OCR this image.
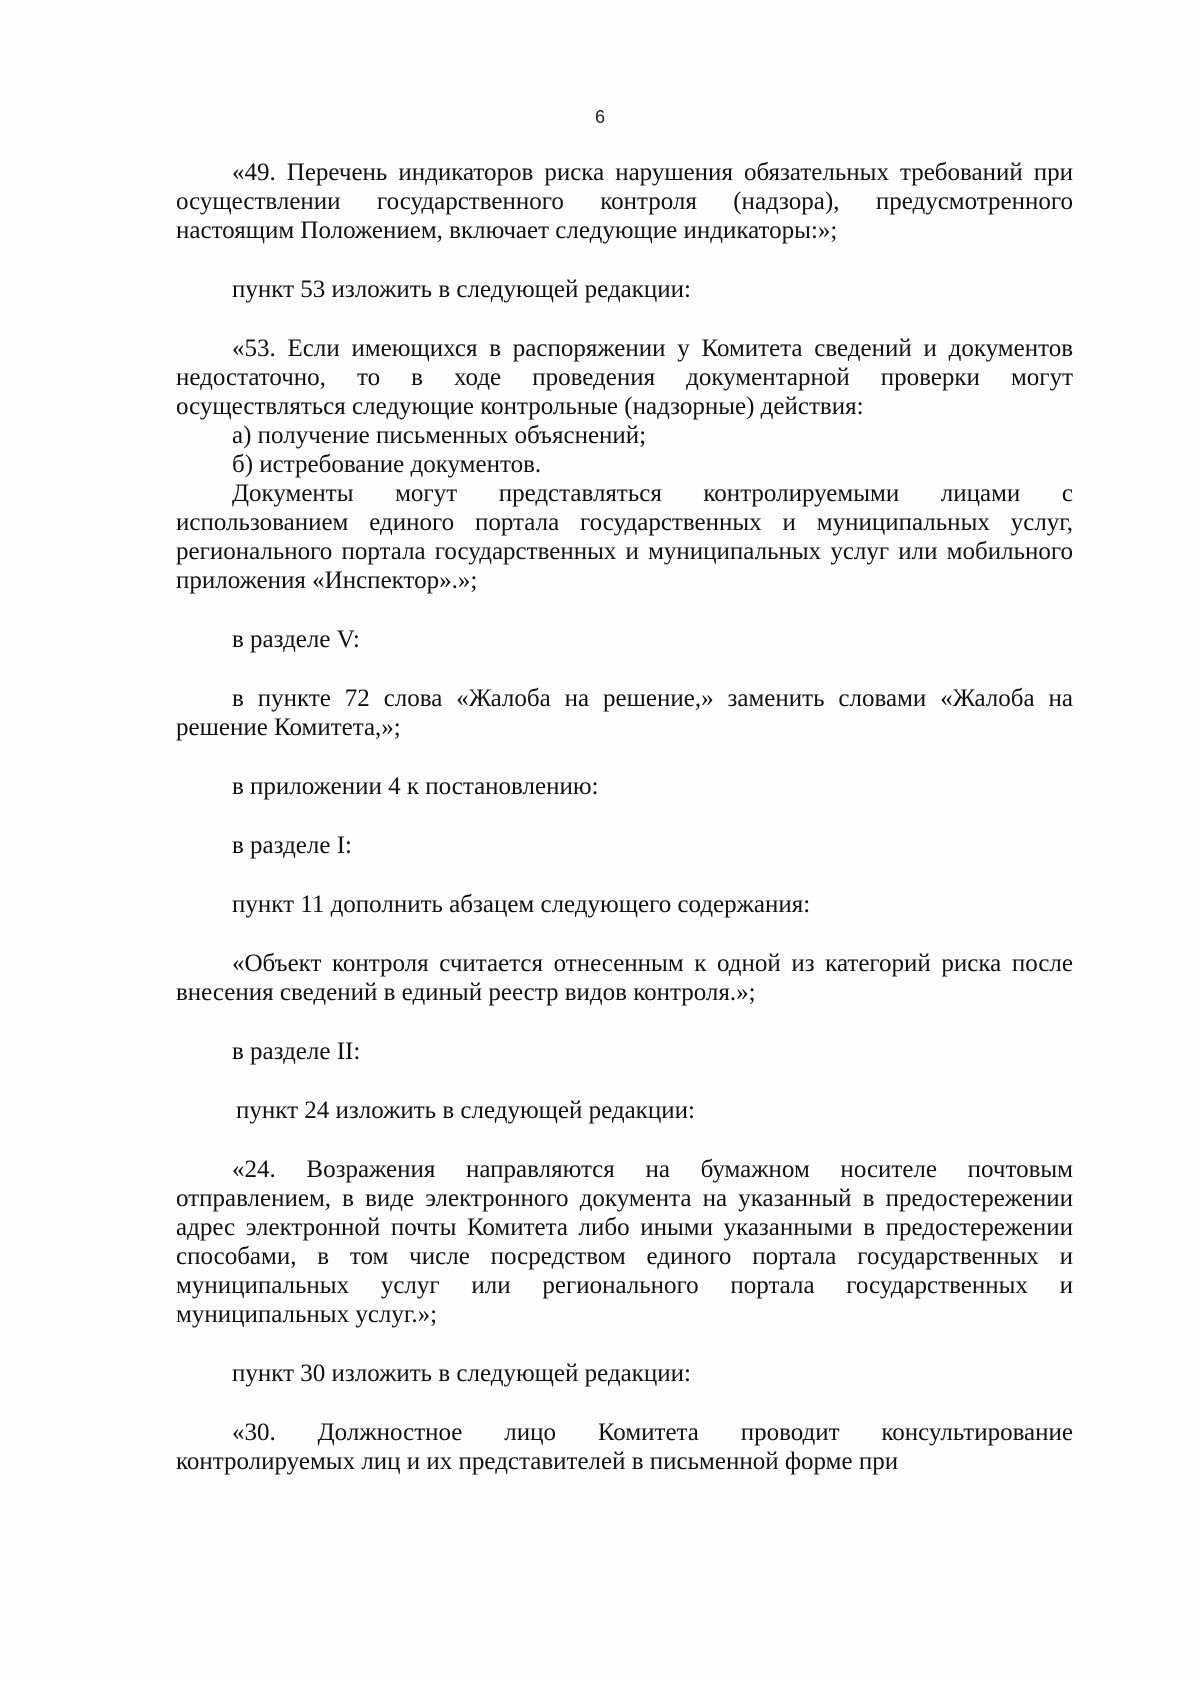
6

«49. Перечень индикаторов риска нарушения обязательных требований при осуществлении государственного контроля (надзора), предусмотренного настоящим Положением, включает следующие индикаторы:»;

пункт 53 изложить в следующей редакции:

«53. Если имеющихся в распоряжении у Комитета сведений и документов недостаточно, то в ходе проведения документарной проверки могут осуществляться следующие контрольные (надзорные) действия:

а) получение письменных объяснений;

б) истребование документов.

Документы могут представляться контролируемыми лицами с использованием единого портала государственных и муниципальных услуг, регионального портала государственных и муниципальных услуг или мобильного приложения «Инспектор».»;

в разделе V:

в пункте 72 слова «Жалоба на решение,» заменить словами «Жалоба на решение Комитета,»;

в приложении 4 к постановлению:

в разделе I:

пункт 11 дополнить абзацем следующего содержания:

«Объект контроля считается отнесенным к одной из категорий риска после внесения сведений в единый реестр видов контроля.»;

в разделе II:

пункт 24 изложить в следующей редакции:

«24. Возражения направляются на бумажном носителе почтовым отправлением, в виде электронного документа на указанный в предостережении адрес электронной почты Комитета либо иными указанными в предостережении способами, в том числе посредством единого портала государственных и муниципальных услуг или регионального портала государственных и муниципальных услуг.»;

пункт 30 изложить в следующей редакции:

«30. Должностное лицо Комитета проводит консультирование контролируемых лиц и их представителей в письменной форме при
